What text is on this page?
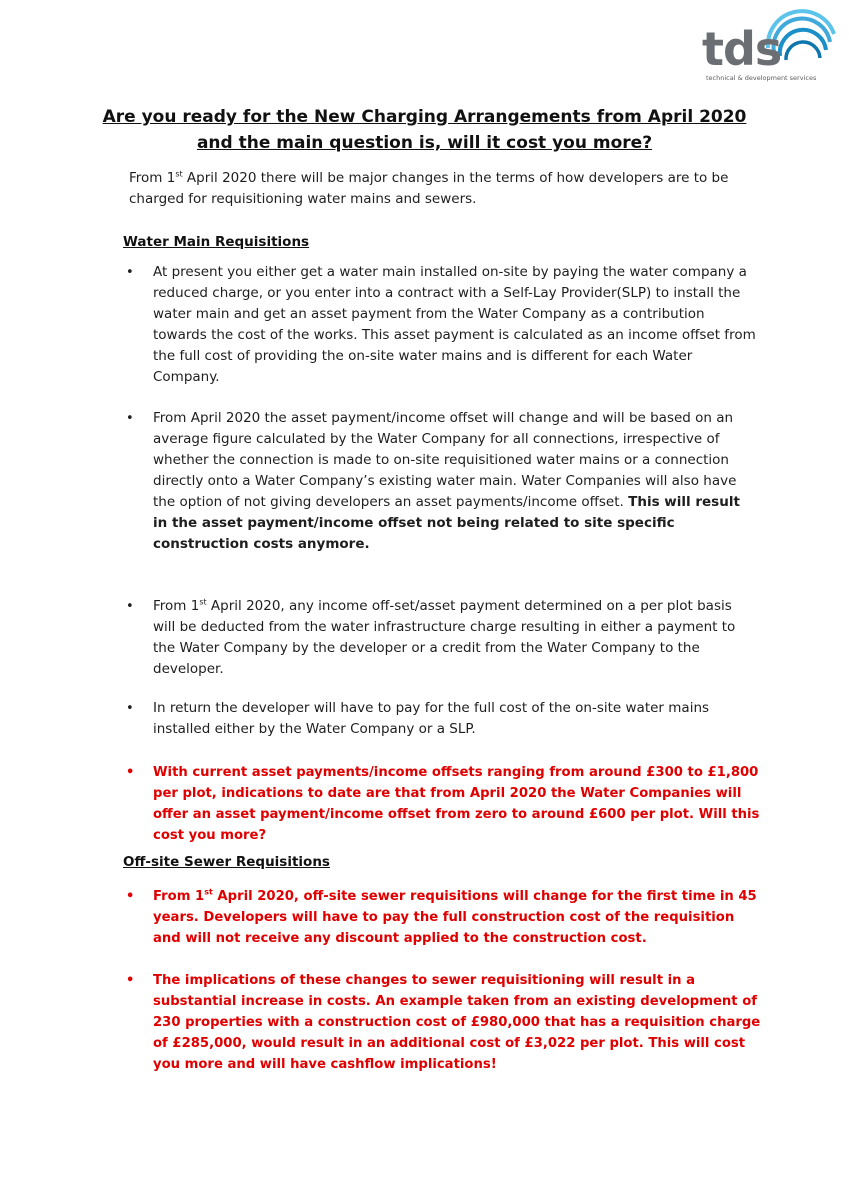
tds
technical & development services
Are you ready for the New Charging Arrangements from April 2020
and the main question is, will it cost you more?
From 1st April 2020 there will be major changes in the terms of how developers are to be charged for requisitioning water mains and sewers.
Water Main Requisitions
•	At present you either get a water main installed on-site by paying the water company a reduced charge, or you enter into a contract with a Self-Lay Provider(SLP) to install the water main and get an asset payment from the Water Company as a contribution towards the cost of the works. This asset payment is calculated as an income offset from the full cost of providing the on-site water mains and is different for each Water Company.
•	From April 2020 the asset payment/income offset will change and will be based on an average figure calculated by the Water Company for all connections, irrespective of whether the connection is made to on-site requisitioned water mains or a connection directly onto a Water Company’s existing water main. Water Companies will also have the option of not giving developers an asset payments/income offset. This will result in the asset payment/income offset not being related to site specific construction costs anymore.
•	From 1st April 2020, any income off-set/asset payment determined on a per plot basis will be deducted from the water infrastructure charge resulting in either a payment to the Water Company by the developer or a credit from the Water Company to the developer.
•	In return the developer will have to pay for the full cost of the on-site water mains installed either by the Water Company or a SLP.
•	With current asset payments/income offsets ranging from around £300 to £1,800 per plot, indications to date are that from April 2020 the Water Companies will offer an asset payment/income offset from zero to around £600 per plot. Will this cost you more?
Off-site Sewer Requisitions
•	From 1st April 2020, off-site sewer requisitions will change for the first time in 45 years. Developers will have to pay the full construction cost of the requisition and will not receive any discount applied to the construction cost.
•	The implications of these changes to sewer requisitioning will result in a substantial increase in costs. An example taken from an existing development of 230 properties with a construction cost of £980,000 that has a requisition charge of £285,000, would result in an additional cost of £3,022 per plot. This will cost you more and will have cashflow implications!
